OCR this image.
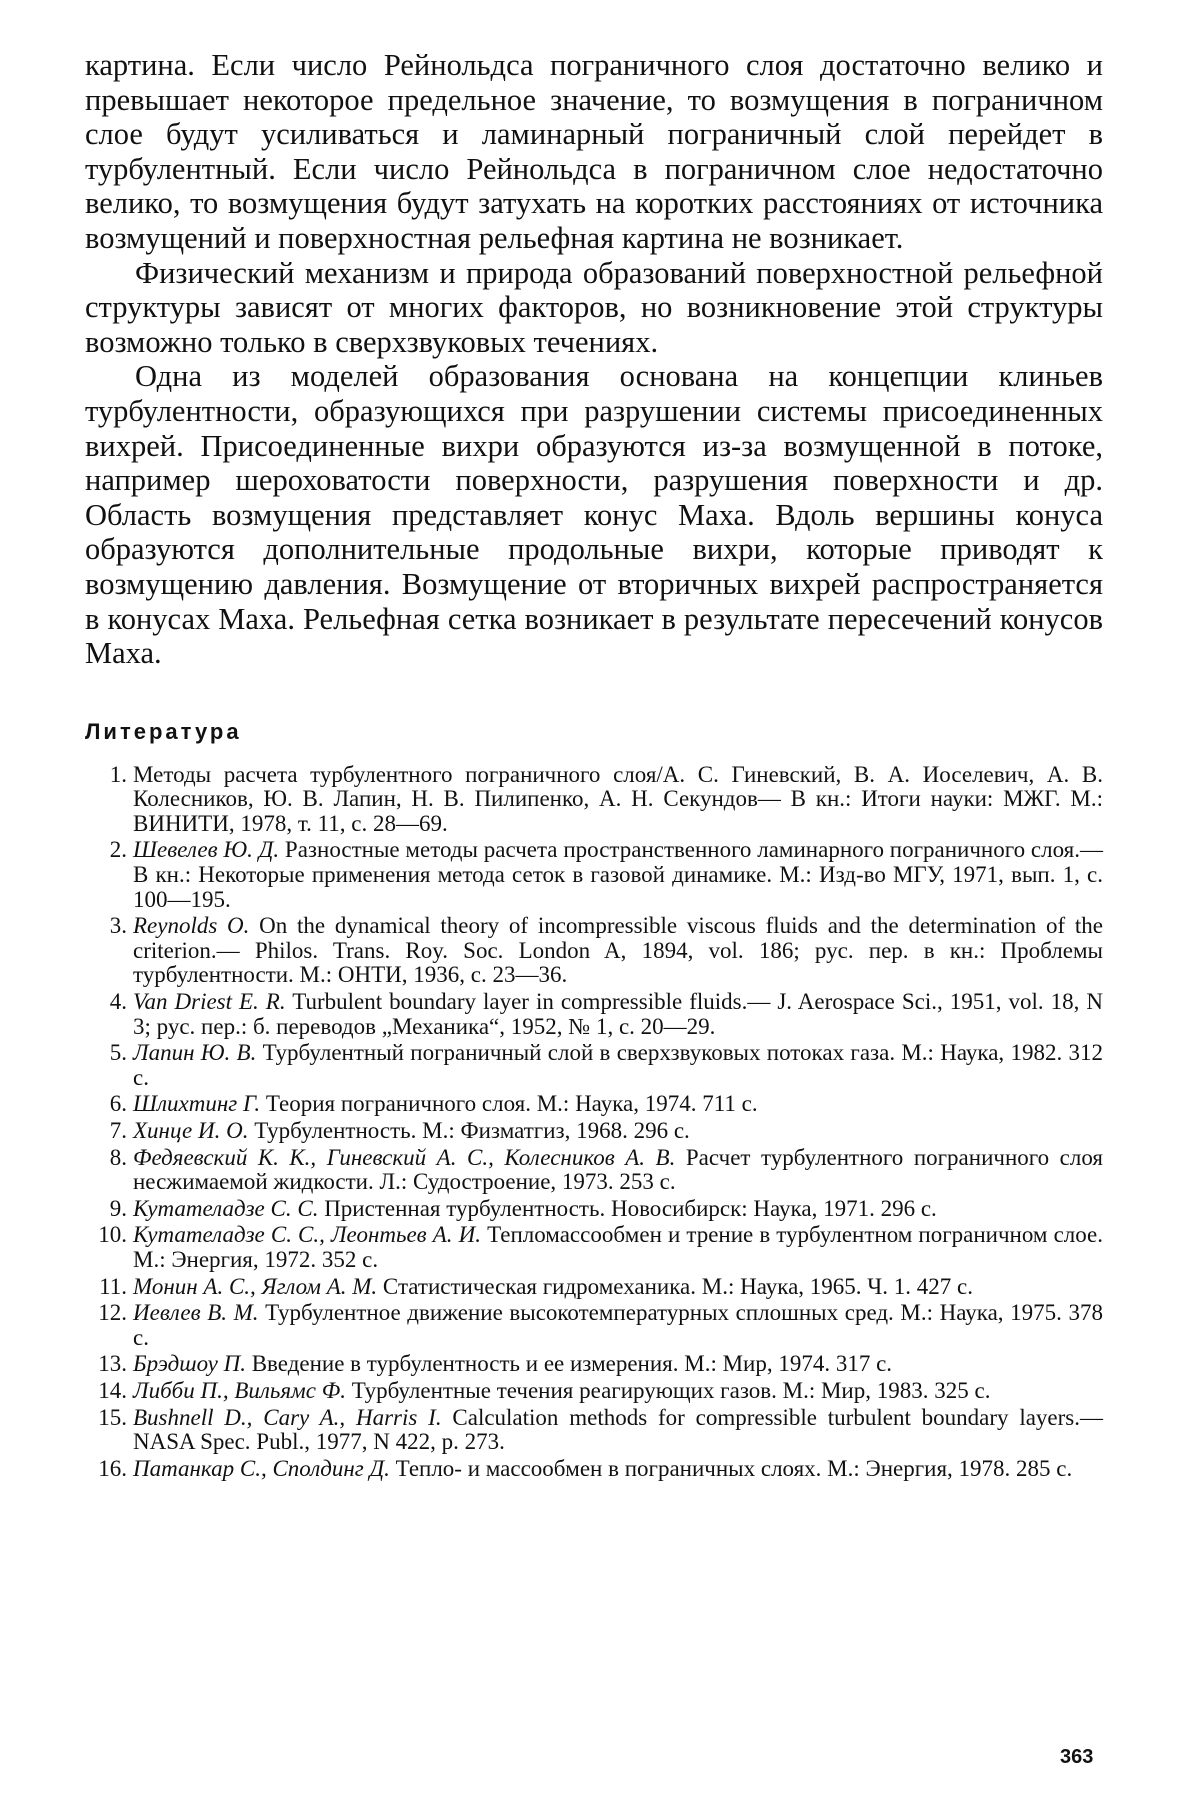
картина. Если число Рейнольдса пограничного слоя достаточно велико и превышает некоторое предельное значение, то возмущения в пограничном слое будут усиливаться и ламинарный пограничный слой перейдет в турбулентный. Если число Рейнольдса в пограничном слое недостаточно велико, то возмущения будут затухать на коротких расстояниях от источника возмущений и поверхностная рельефная картина не возникает.

Физический механизм и природа образований поверхностной рельефной структуры зависят от многих факторов, но возникновение этой структуры возможно только в сверхзвуковых течениях.

Одна из моделей образования основана на концепции клиньев турбулентности, образующихся при разрушении системы присоединенных вихрей. Присоединенные вихри образуются из-за возмущенной в потоке, например шероховатости поверхности, разрушения поверхности и др. Область возмущения представляет конус Маха. Вдоль вершины конуса образуются дополнительные продольные вихри, которые приводят к возмущению давления. Возмущение от вторичных вихрей распространяется в конусах Маха. Рельефная сетка возникает в результате пересечений конусов Маха.

Литература
1. Методы расчета турбулентного пограничного слоя/А. С. Гиневский, В. А. Иоселевич, А. В. Колесников, Ю. В. Лапин, Н. В. Пилипенко, А. Н. Секундов— В кн.: Итоги науки: МЖГ. М.: ВИНИТИ, 1978, т. 11, с. 28—69.
2. Шевелев Ю. Д. Разностные методы расчета пространственного ламинарного пограничного слоя.— В кн.: Некоторые применения метода сеток в газовой динамике. М.: Изд-во МГУ, 1971, вып. 1, с. 100—195.
3. Reynolds O. On the dynamical theory of incompressible viscous fluids and the determination of the criterion.— Philos. Trans. Roy. Soc. London A, 1894, vol. 186; рус. пер. в кн.: Проблемы турбулентности. М.: ОНТИ, 1936, с. 23—36.
4. Van Driest E. R. Turbulent boundary layer in compressible fluids.— J. Aerospace Sci., 1951, vol. 18, N 3; рус. пер.: б. переводов „Механика“, 1952, № 1, с. 20—29.
5. Лапин Ю. В. Турбулентный пограничный слой в сверхзвуковых потоках газа. М.: Наука, 1982. 312 с.
6. Шлихтинг Г. Теория пограничного слоя. М.: Наука, 1974. 711 с.
7. Хинце И. О. Турбулентность. М.: Физматгиз, 1968. 296 с.
8. Федяевский К. К., Гиневский А. С., Колесников А. В. Расчет турбулентного пограничного слоя несжимаемой жидкости. Л.: Судостроение, 1973. 253 с.
9. Кутателадзе С. С. Пристенная турбулентность. Новосибирск: Наука, 1971. 296 с.
10. Кутателадзе С. С., Леонтьев А. И. Тепломассообмен и трение в турбулентном пограничном слое. М.: Энергия, 1972. 352 с.
11. Монин А. С., Яглом А. М. Статистическая гидромеханика. М.: Наука, 1965. Ч. 1. 427 с.
12. Иевлев В. М. Турбулентное движение высокотемпературных сплошных сред. М.: Наука, 1975. 378 с.
13. Брэдшоу П. Введение в турбулентность и ее измерения. М.: Мир, 1974. 317 с.
14. Либби П., Вильямс Ф. Турбулентные течения реагирующих газов. М.: Мир, 1983. 325 с.
15. Bushnell D., Cary A., Harris I. Calculation methods for compressible turbulent boundary layers.— NASA Spec. Publ., 1977, N 422, p. 273.
16. Патанкар С., Сполдинг Д. Тепло- и массообмен в пограничных слоях. М.: Энергия, 1978. 285 с.
363
